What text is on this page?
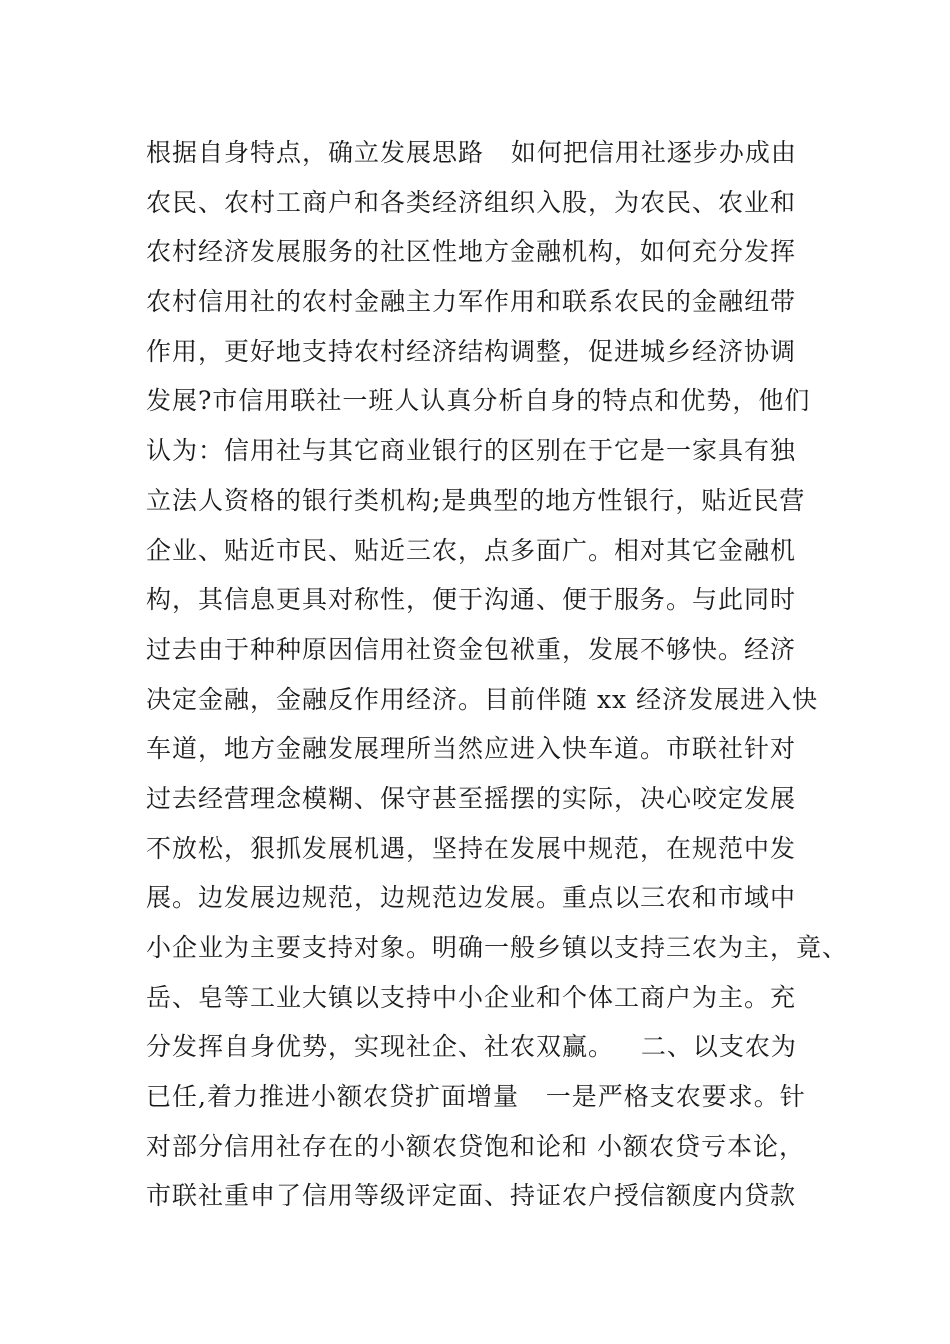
根据自身特点，确立发展思路   如何把信用社逐步办成由
农民、农村工商户和各类经济组织入股，为农民、农业和
农村经济发展服务的社区性地方金融机构，如何充分发挥
农村信用社的农村金融主力军作用和联系农民的金融纽带
作用，更好地支持农村经济结构调整，促进城乡经济协调
发展?市信用联社一班人认真分析自身的特点和优势，他们
认为：信用社与其它商业银行的区别在于它是一家具有独
立法人资格的银行类机构;是典型的地方性银行，贴近民营
企业、贴近市民、贴近三农，点多面广。相对其它金融机
构，其信息更具对称性，便于沟通、便于服务。与此同时
过去由于种种原因信用社资金包袱重，发展不够快。经济
决定金融，金融反作用经济。目前伴随 xx 经济发展进入快
车道，地方金融发展理所当然应进入快车道。市联社针对
过去经营理念模糊、保守甚至摇摆的实际，决心咬定发展
不放松，狠抓发展机遇，坚持在发展中规范，在规范中发
展。边发展边规范，边规范边发展。重点以三农和市域中
小企业为主要支持对象。明确一般乡镇以支持三农为主，竟、
岳、皂等工业大镇以支持中小企业和个体工商户为主。充
分发挥自身优势，实现社企、社农双赢。   二、以支农为
已任,着力推进小额农贷扩面增量   一是严格支农要求。针
对部分信用社存在的小额农贷饱和论和 小额农贷亏本论，
市联社重申了信用等级评定面、持证农户授信额度内贷款
